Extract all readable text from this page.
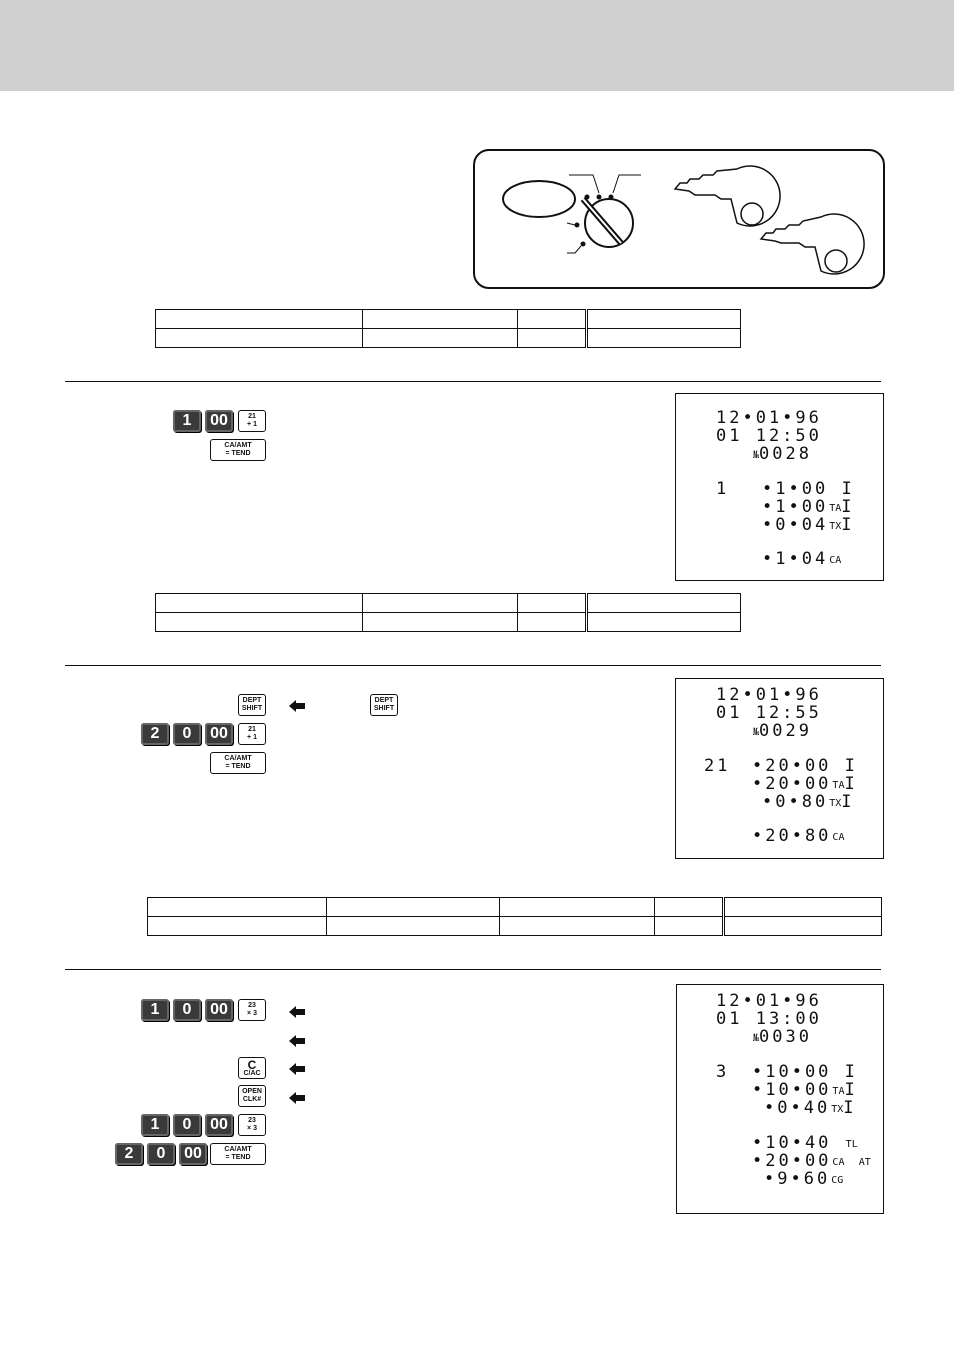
1	00	21
+ 1
CA/AMT
= TEND
12•01•96
01 12:50
№0028
1 •1•00 I
•1•00TAI
•0•04TXI
•1•04CA

DEPT
SHIFT
DEPT
SHIFT
2	0	00	21
+ 1
CA/AMT
= TEND
12•01•96
01 12:55
№0029
21 •20•00 I
•20•00TAI
•0•80TXI
•20•80CA

1	0	00	23
× 3
C
C/AC
OPEN
CLK#
1	0	00	23
× 3
2	0	00	CA/AMT
= TEND
12•01•96
01 13:00
№0030
3 •10•00 I
•10•00TAI
•0•40TXI
•10•40 TL
•20•00CA AT
•9•60CG
